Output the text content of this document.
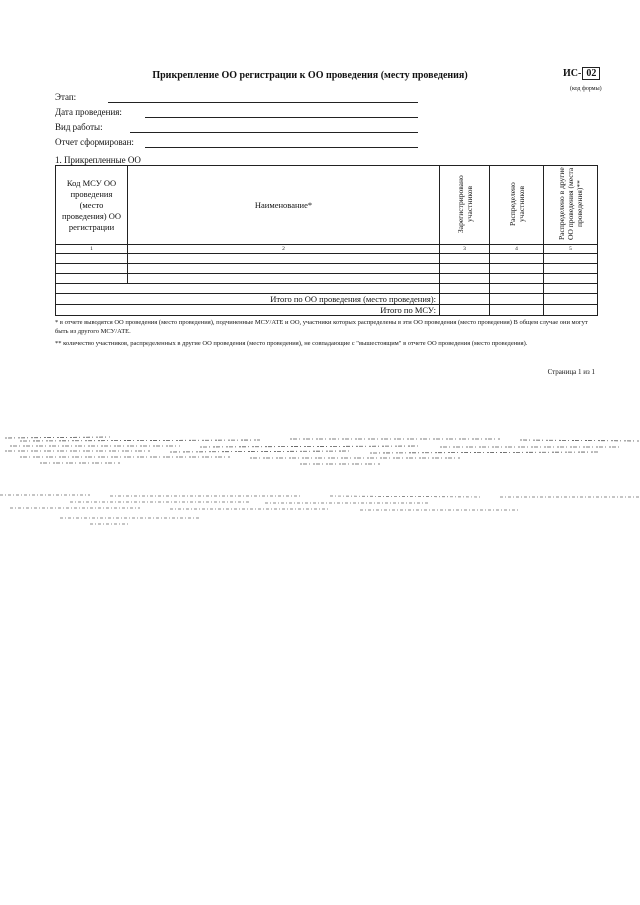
Прикрепление ОО регистрации к ОО проведения (месту проведения)	ИС- 02
(код формы)
Этап:
Дата проведения:
Вид работы:
Отчет сформирован:
1. Прикрепленные ОО
Код МСУ ОО проведения (место проведения) ОО регистрации	Наименование*	Зарегистрировано участников	Распределено участников	Распределено в другие ОО проведения (места проведения)**
1	2	3	4	5

Итого по ОО проведения (место проведения):				
Итого по МСУ:				
* в отчете выводятся ОО проведения (место проведения), подчиненные МСУ/АТЕ и ОО, участники которых распределены в эти ОО проведения (место проведения) В общем случае они могут быть из другого МСУ/АТЕ.
** количество участников, распределенных в другие ОО проведения (место проведения), не совпадающие с "вышестоящим" в отчете ОО проведения (место проведения).
Страница 1 из 1
